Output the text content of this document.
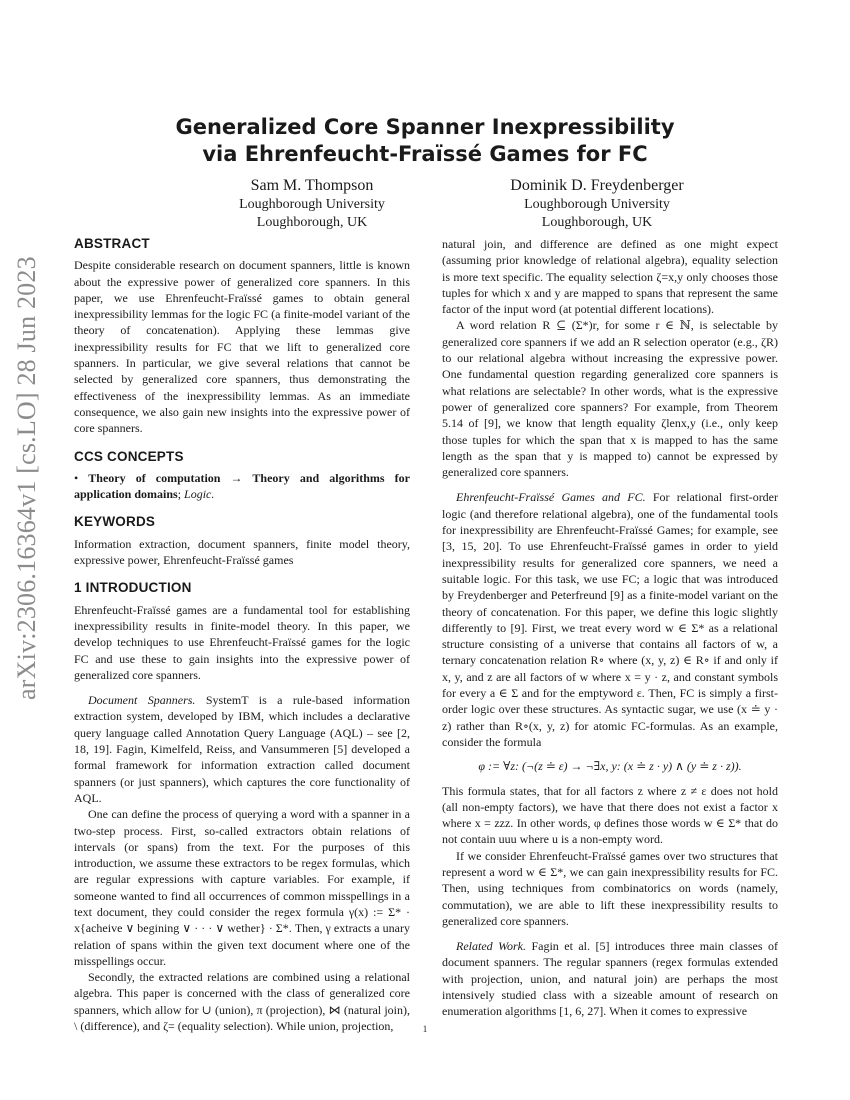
arXiv:2306.16364v1 [cs.LO] 28 Jun 2023
Generalized Core Spanner Inexpressibility
via Ehrenfeucht-Fraïssé Games for FC
Sam M. Thompson
Loughborough University
Loughborough, UK
Dominik D. Freydenberger
Loughborough University
Loughborough, UK
ABSTRACT

Despite considerable research on document spanners, little is known about the expressive power of generalized core spanners. In this paper, we use Ehrenfeucht-Fraïssé games to obtain general inexpressibility lemmas for the logic FC (a finite-model variant of the theory of concatenation). Applying these lemmas give inexpressibility results for FC that we lift to generalized core spanners. In particular, we give several relations that cannot be selected by generalized core spanners, thus demonstrating the effectiveness of the inexpressibility lemmas. As an immediate consequence, we also gain new insights into the expressive power of core spanners.

CCS CONCEPTS

• Theory of computation → Theory and algorithms for application domains; Logic.

KEYWORDS

Information extraction, document spanners, finite model theory, expressive power, Ehrenfeucht-Fraïssé games

1 INTRODUCTION

Ehrenfeucht-Fraïssé games are a fundamental tool for establishing inexpressibility results in finite-model theory. In this paper, we develop techniques to use Ehrenfeucht-Fraïssé games for the logic FC and use these to gain insights into the expressive power of generalized core spanners.

Document Spanners. SystemT is a rule-based information extraction system, developed by IBM, which includes a declarative query language called Annotation Query Language (AQL) – see [2, 18, 19]. Fagin, Kimelfeld, Reiss, and Vansummeren [5] developed a formal framework for information extraction called document spanners (or just spanners), which captures the core functionality of AQL.

One can define the process of querying a word with a spanner in a two-step process. First, so-called extractors obtain relations of intervals (or spans) from the text. For the purposes of this introduction, we assume these extractors to be regex formulas, which are regular expressions with capture variables. For example, if someone wanted to find all occurrences of common misspellings in a text document, they could consider the regex formula γ(x) := Σ* · x{acheive ∨ begining ∨ · · · ∨ wether} · Σ*. Then, γ extracts a unary relation of spans within the given text document where one of the misspellings occur.

Secondly, the extracted relations are combined using a relational algebra. This paper is concerned with the class of generalized core spanners, which allow for ∪ (union), π (projection), ⋈ (natural join), \ (difference), and ζ= (equality selection). While union, projection,

natural join, and difference are defined as one might expect (assuming prior knowledge of relational algebra), equality selection is more text specific. The equality selection ζ=x,y only chooses those tuples for which x and y are mapped to spans that represent the same factor of the input word (at potential different locations).

A word relation R ⊆ (Σ*)r, for some r ∈ ℕ, is selectable by generalized core spanners if we add an R selection operator (e.g., ζR) to our relational algebra without increasing the expressive power. One fundamental question regarding generalized core spanners is what relations are selectable? In other words, what is the expressive power of generalized core spanners? For example, from Theorem 5.14 of [9], we know that length equality ζlenx,y (i.e., only keep those tuples for which the span that x is mapped to has the same length as the span that y is mapped to) cannot be expressed by generalized core spanners.

Ehrenfeucht-Fraïssé Games and FC. For relational first-order logic (and therefore relational algebra), one of the fundamental tools for inexpressibility are Ehrenfeucht-Fraïssé Games; for example, see [3, 15, 20]. To use Ehrenfeucht-Fraïssé games in order to yield inexpressibility results for generalized core spanners, we need a suitable logic. For this task, we use FC; a logic that was introduced by Freydenberger and Peterfreund [9] as a finite-model variant on the theory of concatenation. For this paper, we define this logic slightly differently to [9]. First, we treat every word w ∈ Σ* as a relational structure consisting of a universe that contains all factors of w, a ternary concatenation relation R∘ where (x, y, z) ∈ R∘ if and only if x, y, and z are all factors of w where x = y · z, and constant symbols for every a ∈ Σ and for the emptyword ε. Then, FC is simply a first-order logic over these structures. As syntactic sugar, we use (x ≐ y · z) rather than R∘(x, y, z) for atomic FC-formulas. As an example, consider the formula

φ := ∀z: (¬(z ≐ ε) → ¬∃x, y: (x ≐ z · y) ∧ (y ≐ z · z)).

This formula states, that for all factors z where z ≠ ε does not hold (all non-empty factors), we have that there does not exist a factor x where x = zzz. In other words, φ defines those words w ∈ Σ* that do not contain uuu where u is a non-empty word.

If we consider Ehrenfeucht-Fraïssé games over two structures that represent a word w ∈ Σ*, we can gain inexpressibility results for FC. Then, using techniques from combinatorics on words (namely, commutation), we are able to lift these inexpressibility results to generalized core spanners.

Related Work. Fagin et al. [5] introduces three main classes of document spanners. The regular spanners (regex formulas extended with projection, union, and natural join) are perhaps the most intensively studied class with a sizeable amount of research on enumeration algorithms [1, 6, 27]. When it comes to expressive

1
